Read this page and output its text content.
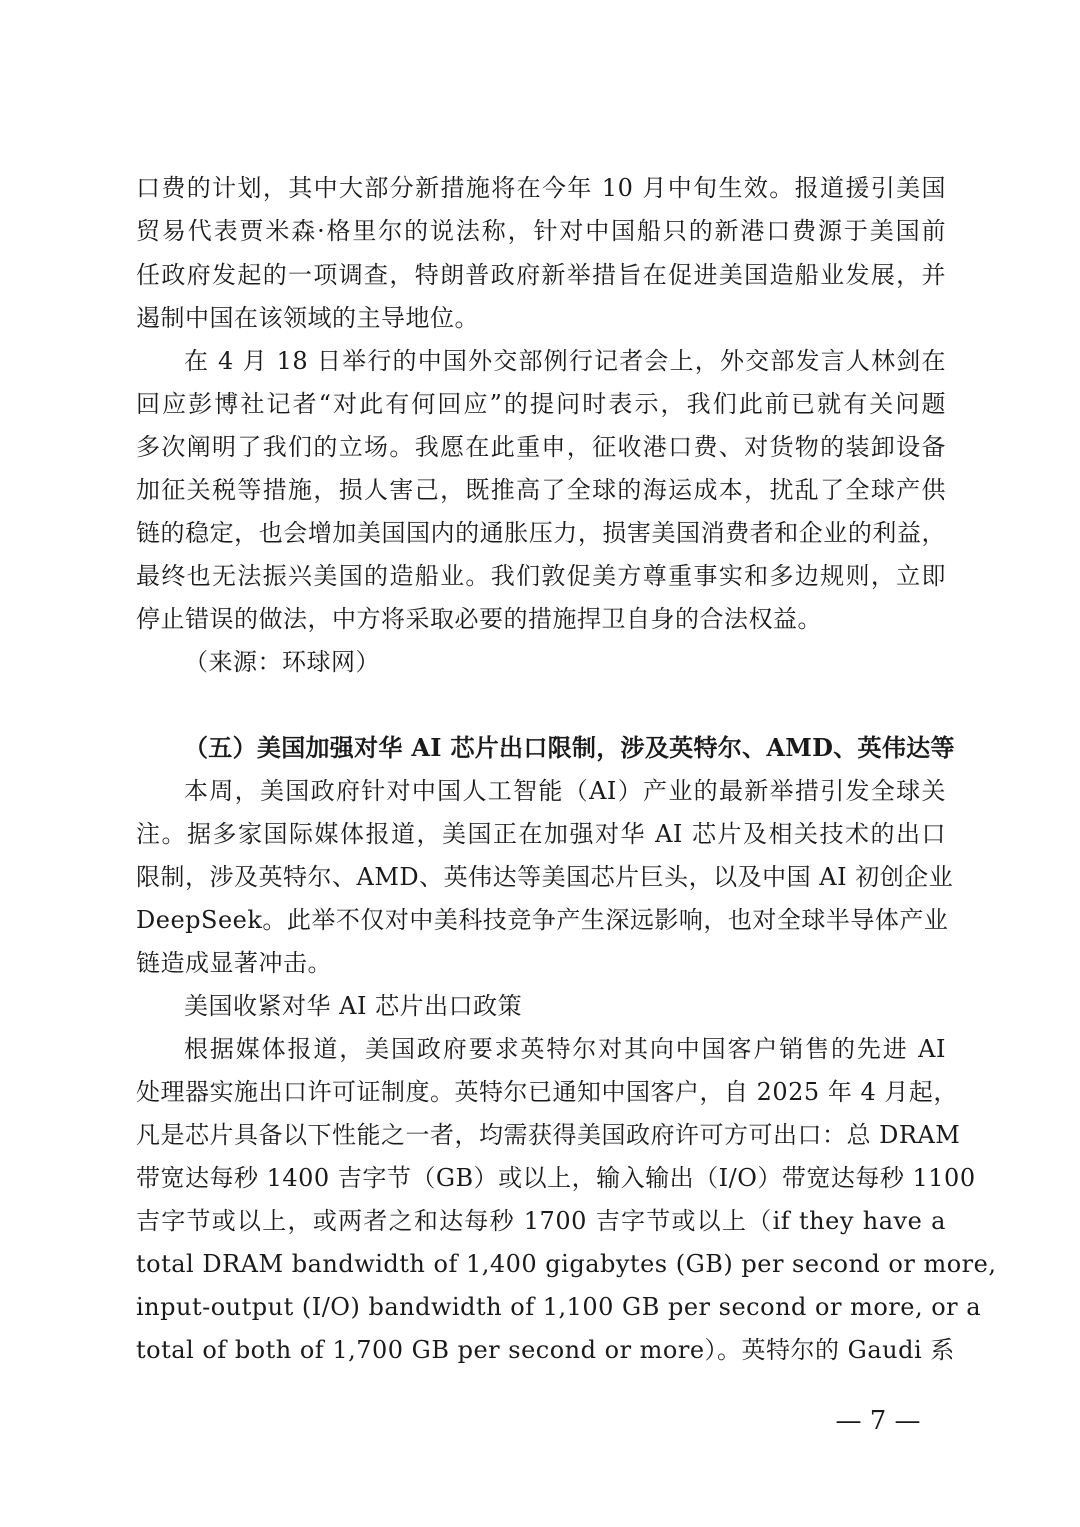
口费的计划，其中大部分新措施将在今年 10 月中旬生效。报道援引美国
贸易代表贾米森·格里尔的说法称，针对中国船只的新港口费源于美国前
任政府发起的一项调查，特朗普政府新举措旨在促进美国造船业发展，并
遏制中国在该领域的主导地位。
在 4 月 18 日举行的中国外交部例行记者会上，外交部发言人林剑在
回应彭博社记者“对此有何回应”的提问时表示，我们此前已就有关问题
多次阐明了我们的立场。我愿在此重申，征收港口费、对货物的装卸设备
加征关税等措施，损人害己，既推高了全球的海运成本，扰乱了全球产供
链的稳定，也会增加美国国内的通胀压力，损害美国消费者和企业的利益，
最终也无法振兴美国的造船业。我们敦促美方尊重事实和多边规则，立即
停止错误的做法，中方将采取必要的措施捍卫自身的合法权益。
（来源：环球网）
（五）美国加强对华 AI 芯片出口限制，涉及英特尔、AMD、英伟达等
本周，美国政府针对中国人工智能（AI）产业的最新举措引发全球关
注。据多家国际媒体报道，美国正在加强对华 AI 芯片及相关技术的出口
限制，涉及英特尔、AMD、英伟达等美国芯片巨头，以及中国 AI 初创企业
DeepSeek。此举不仅对中美科技竞争产生深远影响，也对全球半导体产业
链造成显著冲击。
美国收紧对华 AI 芯片出口政策
根据媒体报道，美国政府要求英特尔对其向中国客户销售的先进 AI
处理器实施出口许可证制度。英特尔已通知中国客户，自 2025 年 4 月起，
凡是芯片具备以下性能之一者，均需获得美国政府许可方可出口：总 DRAM
带宽达每秒 1400 吉字节（GB）或以上，输入输出（I/O）带宽达每秒 1100
吉字节或以上，或两者之和达每秒 1700 吉字节或以上（if they have a
total DRAM bandwidth of 1,400 gigabytes (GB) per second or more,
input-output (I/O) bandwidth of 1,100 GB per second or more, or a
total of both of 1,700 GB per second or more）。英特尔的 Gaudi 系
— 7 —
